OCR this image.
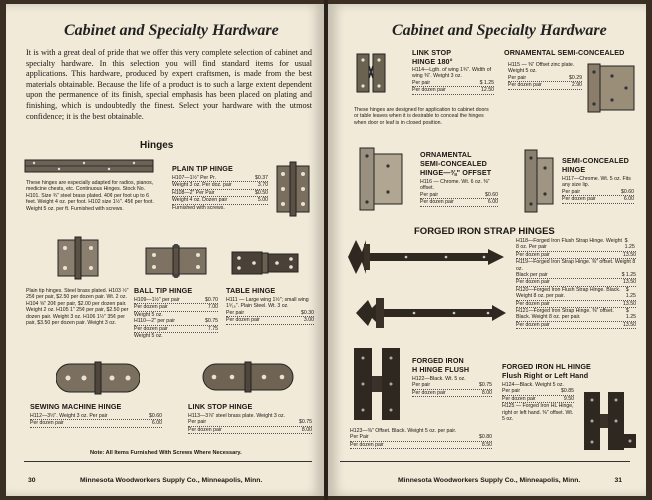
Cabinet and Specialty Hardware
It is with a great deal of pride that we offer this very complete selection of cabinet and specialty hardware. In this selection you will find standard items for usual applications. This hardware, produced by expert craftsmen, is made from the best materials obtainable. Because the life of a product is to such a large extent dependent upon the permanence of its finish, special emphasis has been placed on plating and finishing, which is undoubtedly the finest. Select your hardware with the utmost confidence; it is the best obtainable.
Hinges
These hinges are especially adapted for radios, pianos, medicine chests, etc. Continuous Hinges. Stock No. H101. Size ¾" steel brass plated. 40¢ per foot up to 6 feet. Weight 4 oz. per foot. H102 size 1½". 45¢ per foot. Weight 5 oz. per ft. Furnished with screws.
PLAIN TIP HINGE
H107—1½" Per Pr.	$0.37
Weight 3 oz. Per doz. pair	3.70
H108—2" Per Pair	$0.50
Weight 4 oz. Dozen pair	5.00
Furnished with screws.
Plain tip hinges. Steel brass plated. H103 ½" 25¢ per pair, $2.50 per dozen pair. Wt. 2 oz. H104 ⅝" 20¢ per pair, $2.00 per dozen pair. Weight 2 oz. H105 1" 25¢ per pair, $2.50 per dozen pair. Weight 3 oz. H106 1½" 35¢ per pair, $3.50 per dozen pair. Weight 3 oz.
BALL TIP HINGE
H109—1½" per pair	$0.70
Per dozen pair	7.00
Weight 5 oz.
H110—2" per pair	$0.75
Per dozen pair	7.75
Weight 5 oz.
TABLE HINGE
H111 — Large wing 1½"; small wing 1⁵⁄₁₆". Plain Steel. Wt. 3 oz.
Per pair	$0.30
Per dozen pair	3.00
SEWING MACHINE HINGE
H112—3½". Weight 3 oz. Per pair	$0.60
Per dozen pair	6.00
LINK STOP HINGE
H113—3⅞" steel brass plate. Weight 3 oz.
Per pair	$0.75
Per dozen pair	8.00
Note: All Items Furnished With Screws Where Necessary.
30	Minnesota Woodworkers Supply Co., Minneapolis, Minn.
Cabinet and Specialty Hardware
LINK STOP
HINGE 180°
H114—Lgth. of wing 1¾". Width of wing ⅜". Weight 3 oz.
Per pair	$ 1.25
Per dozen pair	12.50
These hinges are designed for application to cabinet doors or table leaves when it is desirable to conceal the hinges when door or leaf is in closed position.
ORNAMENTAL SEMI-CONCEALED
H115 — ⅜" Offset zinc plate. Weight 5 oz.
Per pair	$0.29
Per dozen pair	2.90
ORNAMENTAL
SEMI-CONCEALED
HINGE—⅜" OFFSET
H116 — Chrome. Wt. 6 oz. ⅜" offset.
Per pair	$0.60
Per dozen pair	6.00
SEMI-CONCEALED
HINGE
H117—Chrome. Wt. 5 oz. Fits any size lip.
Per pair	$0.60
Per dozen pair	6.00
FORGED IRON STRAP HINGES
H118—Forged Iron Flush Strap Hinge. Weight 8 oz. Per pair
$ 1.25
Per dozen pair	13.50
H119—Forged Iron Strap Hinge. ⅜" offset. Weight 8 oz.
Black per pair	$ 1.25
Per dozen pair	13.50
H120—Forged Iron Flush Strap Hinge. Black. Weight 8 oz. per pair.
$ 1.25
Per dozen pair	13.50
H121—Forged Iron Strap Hinge. ⅜" offset. Black. Weight 8 oz. per pair.
$ 1.25
Per dozen pair	13.50
FORGED IRON
H HINGE FLUSH
H122—Black. Wt. 5 oz.
Per pair	$0.75
Per dozen pair	8.00
H123—⅜" Offset. Black. Weight 5 oz. per pair.
Per Pair	$0.80
Per dozen pair	8.50
FORGED IRON HL HINGE
Flush Right or Left Hand
H124—Black. Weight 5 oz.
Per pair	$0.85
Per dozen pair	9.50
H125 — Forged Iron HL Hinge, right or left hand. ⅜" offset. Wt. 5 oz.
Minnesota Woodworkers Supply Co., Minneapolis, Minn.	31
